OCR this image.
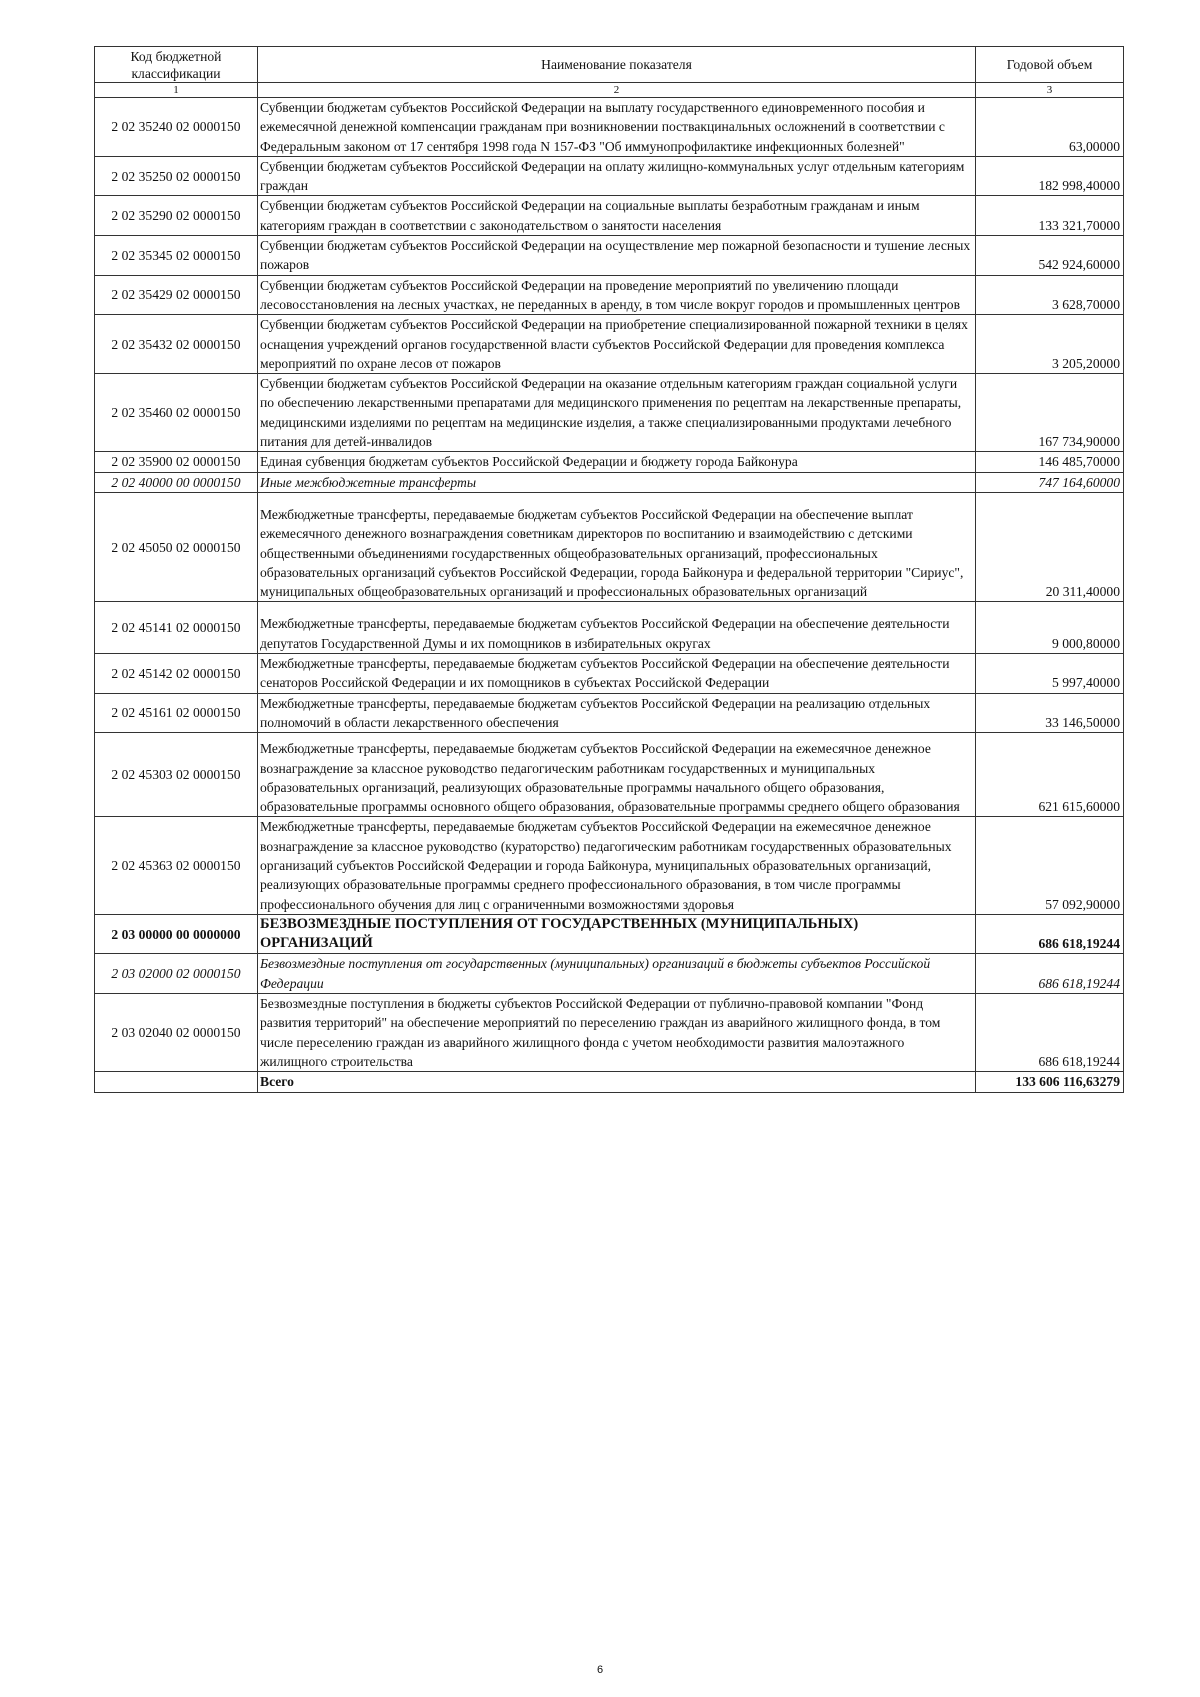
Код бюджетной классификации	Наименование показателя	Годовой объем
1	2	3
2 02 35240 02 0000150	Субвенции бюджетам субъектов Российской Федерации на выплату государственного единовременного пособия и ежемесячной денежной компенсации гражданам при возникновении поствакцинальных осложнений в соответствии с Федеральным законом от 17 сентября 1998 года N 157-ФЗ "Об иммунопрофилактике инфекционных болезней"	63,00000
2 02 35250 02 0000150	Субвенции бюджетам субъектов Российской Федерации на оплату жилищно-коммунальных услуг отдельным категориям граждан	182 998,40000
2 02 35290 02 0000150	Субвенции бюджетам субъектов Российской Федерации на социальные выплаты безработным гражданам и иным категориям граждан в соответствии с законодательством о занятости населения	133 321,70000
2 02 35345 02 0000150	Субвенции бюджетам субъектов Российской Федерации на осуществление мер пожарной безопасности и тушение лесных пожаров	542 924,60000
2 02 35429 02 0000150	Субвенции бюджетам субъектов Российской Федерации на проведение мероприятий по увеличению площади лесовосстановления на лесных участках, не переданных в аренду, в том числе вокруг городов и промышленных центров	3 628,70000
2 02 35432 02 0000150	Субвенции бюджетам субъектов Российской Федерации на приобретение специализированной пожарной техники в целях оснащения учреждений органов государственной власти субъектов Российской Федерации для проведения комплекса мероприятий по охране лесов от пожаров	3 205,20000
2 02 35460 02 0000150	Субвенции бюджетам субъектов Российской Федерации на оказание отдельным категориям граждан социальной услуги по обеспечению лекарственными препаратами для медицинского применения по рецептам на лекарственные препараты, медицинскими изделиями по рецептам на медицинские изделия, а также специализированными продуктами лечебного питания для детей-инвалидов	167 734,90000
2 02 35900 02 0000150	Единая субвенция бюджетам субъектов Российской Федерации и бюджету города Байконура	146 485,70000
2 02 40000 00 0000150	Иные межбюджетные трансферты	747 164,60000
2 02 45050 02 0000150	Межбюджетные трансферты, передаваемые бюджетам субъектов Российской Федерации на обеспечение выплат ежемесячного денежного вознаграждения советникам директоров по воспитанию и взаимодействию с детскими общественными объединениями государственных общеобразовательных организаций, профессиональных образовательных организаций субъектов Российской Федерации, города Байконура и федеральной территории "Сириус", муниципальных общеобразовательных организаций и профессиональных образовательных организаций	20 311,40000
2 02 45141 02 0000150	Межбюджетные трансферты, передаваемые бюджетам субъектов Российской Федерации на обеспечение деятельности депутатов Государственной Думы и их помощников в избирательных округах	9 000,80000
2 02 45142 02 0000150	Межбюджетные трансферты, передаваемые бюджетам субъектов Российской Федерации на обеспечение деятельности сенаторов Российской Федерации и их помощников в субъектах Российской Федерации	5 997,40000
2 02 45161 02 0000150	Межбюджетные трансферты, передаваемые бюджетам субъектов Российской Федерации на реализацию отдельных полномочий в области лекарственного обеспечения	33 146,50000
2 02 45303 02 0000150	Межбюджетные трансферты, передаваемые бюджетам субъектов Российской Федерации на ежемесячное денежное вознаграждение за классное руководство педагогическим работникам государственных и муниципальных образовательных организаций, реализующих образовательные программы начального общего образования, образовательные программы основного общего образования, образовательные программы среднего общего образования	621 615,60000
2 02 45363 02 0000150	Межбюджетные трансферты, передаваемые бюджетам субъектов Российской Федерации на ежемесячное денежное вознаграждение за классное руководство (кураторство) педагогическим работникам государственных образовательных организаций субъектов Российской Федерации и города Байконура, муниципальных образовательных организаций, реализующих образовательные программы среднего профессионального образования, в том числе программы профессионального обучения для лиц с ограниченными возможностями здоровья	57 092,90000
2 03 00000 00 0000000	БЕЗВОЗМЕЗДНЫЕ ПОСТУПЛЕНИЯ ОТ ГОСУДАРСТВЕННЫХ (МУНИЦИПАЛЬНЫХ) ОРГАНИЗАЦИЙ	686 618,19244
2 03 02000 02 0000150	Безвозмездные поступления от государственных (муниципальных) организаций в бюджеты субъектов Российской Федерации	686 618,19244
2 03 02040 02 0000150	Безвозмездные поступления в бюджеты субъектов Российской Федерации от публично-правовой компании "Фонд развития территорий" на обеспечение мероприятий по переселению граждан из аварийного жилищного фонда, в том числе переселению граждан из аварийного жилищного фонда с учетом необходимости развития малоэтажного жилищного строительства	686 618,19244
	Всего	133 606 116,63279
6
